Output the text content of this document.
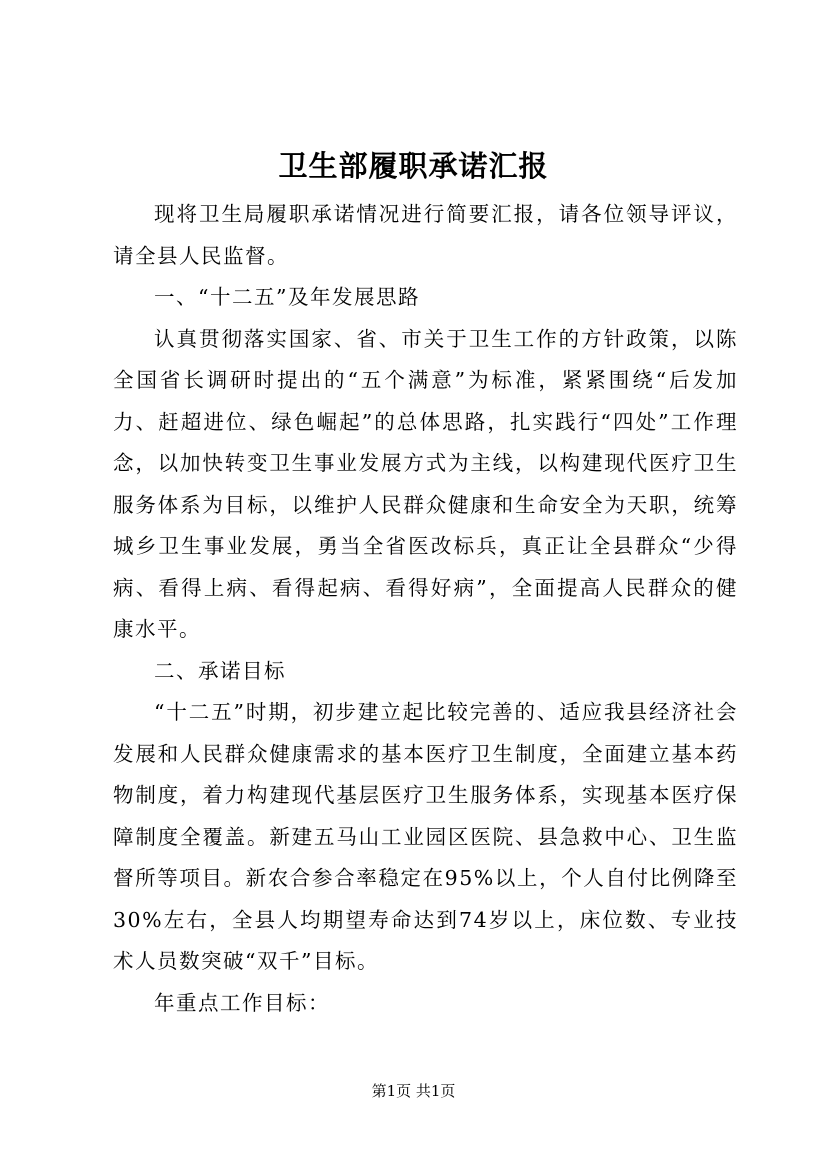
卫生部履职承诺汇报

现将卫生局履职承诺情况进行简要汇报，请各位领导评议，请全县人民监督。

一、“十二五”及年发展思路

认真贯彻落实国家、省、市关于卫生工作的方针政策，以陈全国省长调研时提出的“五个满意”为标准，紧紧围绕“后发加力、赶超进位、绿色崛起”的总体思路，扎实践行“四处”工作理念，以加快转变卫生事业发展方式为主线，以构建现代医疗卫生服务体系为目标，以维护人民群众健康和生命安全为天职，统筹城乡卫生事业发展，勇当全省医改标兵，真正让全县群众“少得病、看得上病、看得起病、看得好病”，全面提高人民群众的健康水平。

二、承诺目标

“十二五”时期，初步建立起比较完善的、适应我县经济社会发展和人民群众健康需求的基本医疗卫生制度，全面建立基本药物制度，着力构建现代基层医疗卫生服务体系，实现基本医疗保障制度全覆盖。新建五马山工业园区医院、县急救中心、卫生监督所等项目。新农合参合率稳定在95%以上，个人自付比例降至30%左右，全县人均期望寿命达到74岁以上，床位数、专业技术人员数突破“双千”目标。

年重点工作目标：

第1页 共1页
